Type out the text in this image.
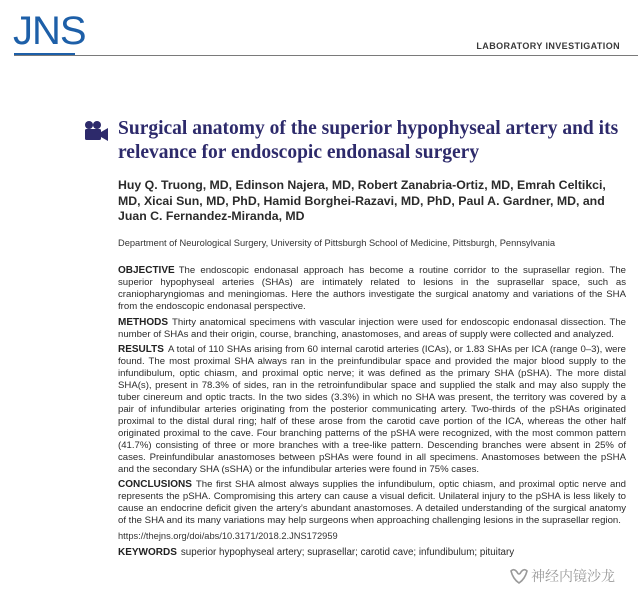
JNS	LABORATORY INVESTIGATION
Surgical anatomy of the superior hypophyseal artery and its relevance for endoscopic endonasal surgery

Huy Q. Truong, MD, Edinson Najera, MD, Robert Zanabria-Ortiz, MD, Emrah Celtikci, MD, Xicai Sun, MD, PhD, Hamid Borghei-Razavi, MD, PhD, Paul A. Gardner, MD, and Juan C. Fernandez-Miranda, MD

Department of Neurological Surgery, University of Pittsburgh School of Medicine, Pittsburgh, Pennsylvania

OBJECTIVE The endoscopic endonasal approach has become a routine corridor to the suprasellar region. The superior hypophyseal arteries (SHAs) are intimately related to lesions in the suprasellar space, such as craniopharyngiomas and meningiomas. Here the authors investigate the surgical anatomy and variations of the SHA from the endoscopic endonasal perspective.

METHODS Thirty anatomical specimens with vascular injection were used for endoscopic endonasal dissection. The number of SHAs and their origin, course, branching, anastomoses, and areas of supply were collected and analyzed.

RESULTS A total of 110 SHAs arising from 60 internal carotid arteries (ICAs), or 1.83 SHAs per ICA (range 0–3), were found. The most proximal SHA always ran in the preinfundibular space and provided the major blood supply to the infundibulum, optic chiasm, and proximal optic nerve; it was defined as the primary SHA (pSHA). The more distal SHA(s), present in 78.3% of sides, ran in the retroinfundibular space and supplied the stalk and may also supply the tuber cinereum and optic tracts. In the two sides (3.3%) in which no SHA was present, the territory was covered by a pair of infundibular arteries originating from the posterior communicating artery. Two-thirds of the pSHAs originated proximal to the distal dural ring; half of these arose from the carotid cave portion of the ICA, whereas the other half originated proximal to the cave. Four branching patterns of the pSHA were recognized, with the most common pattern (41.7%) consisting of three or more branches with a tree-like pattern. Descending branches were absent in 25% of cases. Preinfundibular anastomoses between pSHAs were found in all specimens. Anastomoses between the pSHA and the secondary SHA (sSHA) or the infundibular arteries were found in 75% cases.

CONCLUSIONS The first SHA almost always supplies the infundibulum, optic chiasm, and proximal optic nerve and represents the pSHA. Compromising this artery can cause a visual deficit. Unilateral injury to the pSHA is less likely to cause an endocrine deficit given the artery’s abundant anastomoses. A detailed understanding of the surgical anatomy of the SHA and its many variations may help surgeons when approaching challenging lesions in the suprasellar region.

https://thejns.org/doi/abs/10.3171/2018.2.JNS172959
KEYWORDS superior hypophyseal artery; suprasellar; carotid cave; infundibulum; pituitary
神经内镜沙龙
